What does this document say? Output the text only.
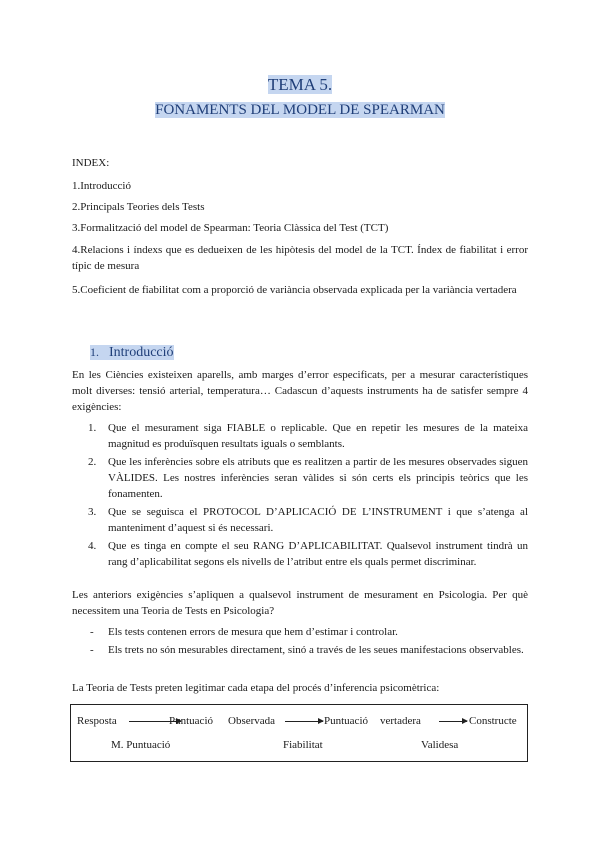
TEMA 5.
FONAMENTS DEL MODEL DE SPEARMAN
INDEX:
1.Introducció
2.Principals Teories dels Tests
3.Formalització del model de Spearman: Teoria Clàssica del Test (TCT)
4.Relacions i índexs que es dedueixen de les hipòtesis del model de la TCT. Índex de fiabilitat i error típic de mesura
5.Coeficient de fiabilitat com a proporció de variància observada explicada per la variància vertadera
1. Introducció
En les Ciències existeixen aparells, amb marges d’error especificats, per a mesurar característiques molt diverses: tensió arterial, temperatura… Cadascun d’aquests instruments ha de satisfer sempre 4 exigències:
1. Que el mesurament siga FIABLE o replicable. Que en repetir les mesures de la mateixa magnitud es produïsquen resultats iguals o semblants.
2. Que les inferències sobre els atributs que es realitzen a partir de les mesures observades siguen VÀLIDES. Les nostres inferències seran vàlides si són certs els principis teòrics que les fonamenten.
3. Que se seguisca el PROTOCOL D’APLICACIÓ DE L’INSTRUMENT i que s’atenga al manteniment d’aquest si és necessari.
4. Que es tinga en compte el seu RANG D’APLICABILITAT. Qualsevol instrument tindrà un rang d’aplicabilitat segons els nivells de l’atribut entre els quals permet discriminar.
Les anteriors exigències s’apliquen a qualsevol instrument de mesurament en Psicologia. Per què necessitem una Teoria de Tests en Psicologia?
- Els tests contenen errors de mesura que hem d’estimar i controlar.
- Els trets no són mesurables directament, sinó a través de les seues manifestacions observables.
La Teoria de Tests preten legitimar cada etapa del procés d’inferencia psicomètrica:
Resposta	Puntuació Observada	Puntuació vertadera	Constructe
M. Puntuació	Fiabilitat	Validesa
